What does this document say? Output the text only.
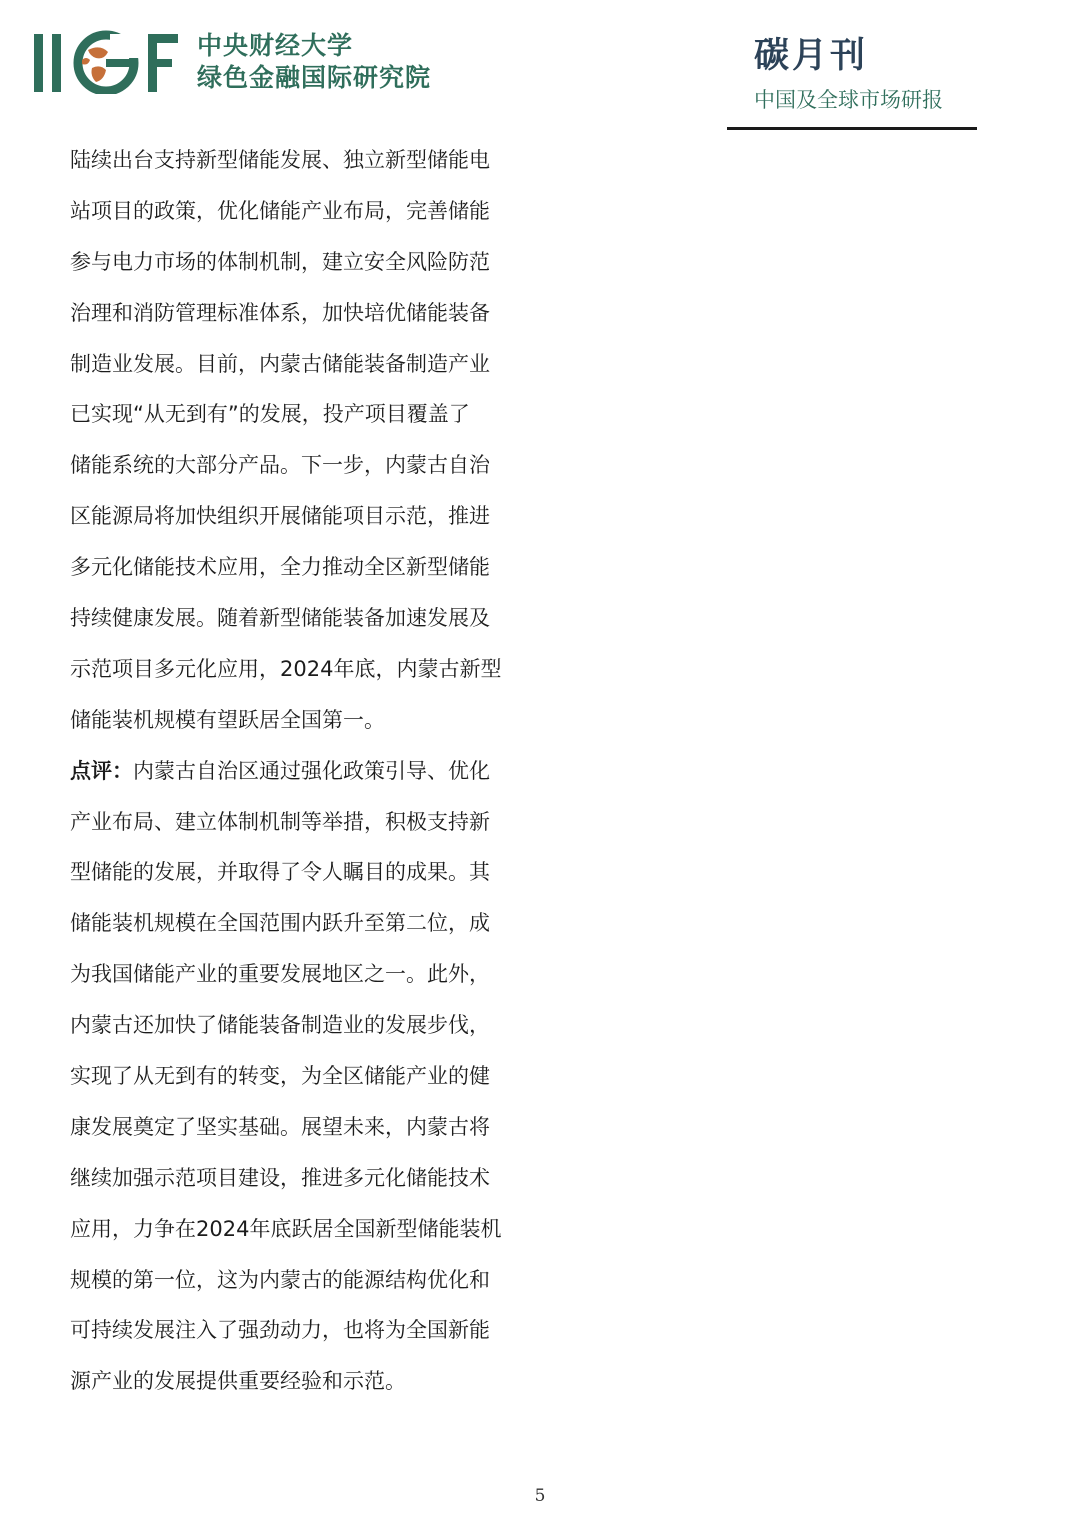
中央财经大学
绿色金融国际研究院
碳月刊
中国及全球市场研报
陆续出台支持新型储能发展、独立新型储能电
站项目的政策，优化储能产业布局，完善储能
参与电力市场的体制机制，建立安全风险防范
治理和消防管理标准体系，加快培优储能装备
制造业发展。目前，内蒙古储能装备制造产业
已实现“从无到有”的发展，投产项目覆盖了
储能系统的大部分产品。下一步，内蒙古自治
区能源局将加快组织开展储能项目示范，推进
多元化储能技术应用，全力推动全区新型储能
持续健康发展。随着新型储能装备加速发展及
示范项目多元化应用，2024年底，内蒙古新型
储能装机规模有望跃居全国第一。
点评：内蒙古自治区通过强化政策引导、优化
产业布局、建立体制机制等举措，积极支持新
型储能的发展，并取得了令人瞩目的成果。其
储能装机规模在全国范围内跃升至第二位，成
为我国储能产业的重要发展地区之一。此外，
内蒙古还加快了储能装备制造业的发展步伐，
实现了从无到有的转变，为全区储能产业的健
康发展奠定了坚实基础。展望未来，内蒙古将
继续加强示范项目建设，推进多元化储能技术
应用，力争在2024年底跃居全国新型储能装机
规模的第一位，这为内蒙古的能源结构优化和
可持续发展注入了强劲动力，也将为全国新能
源产业的发展提供重要经验和示范。
5
